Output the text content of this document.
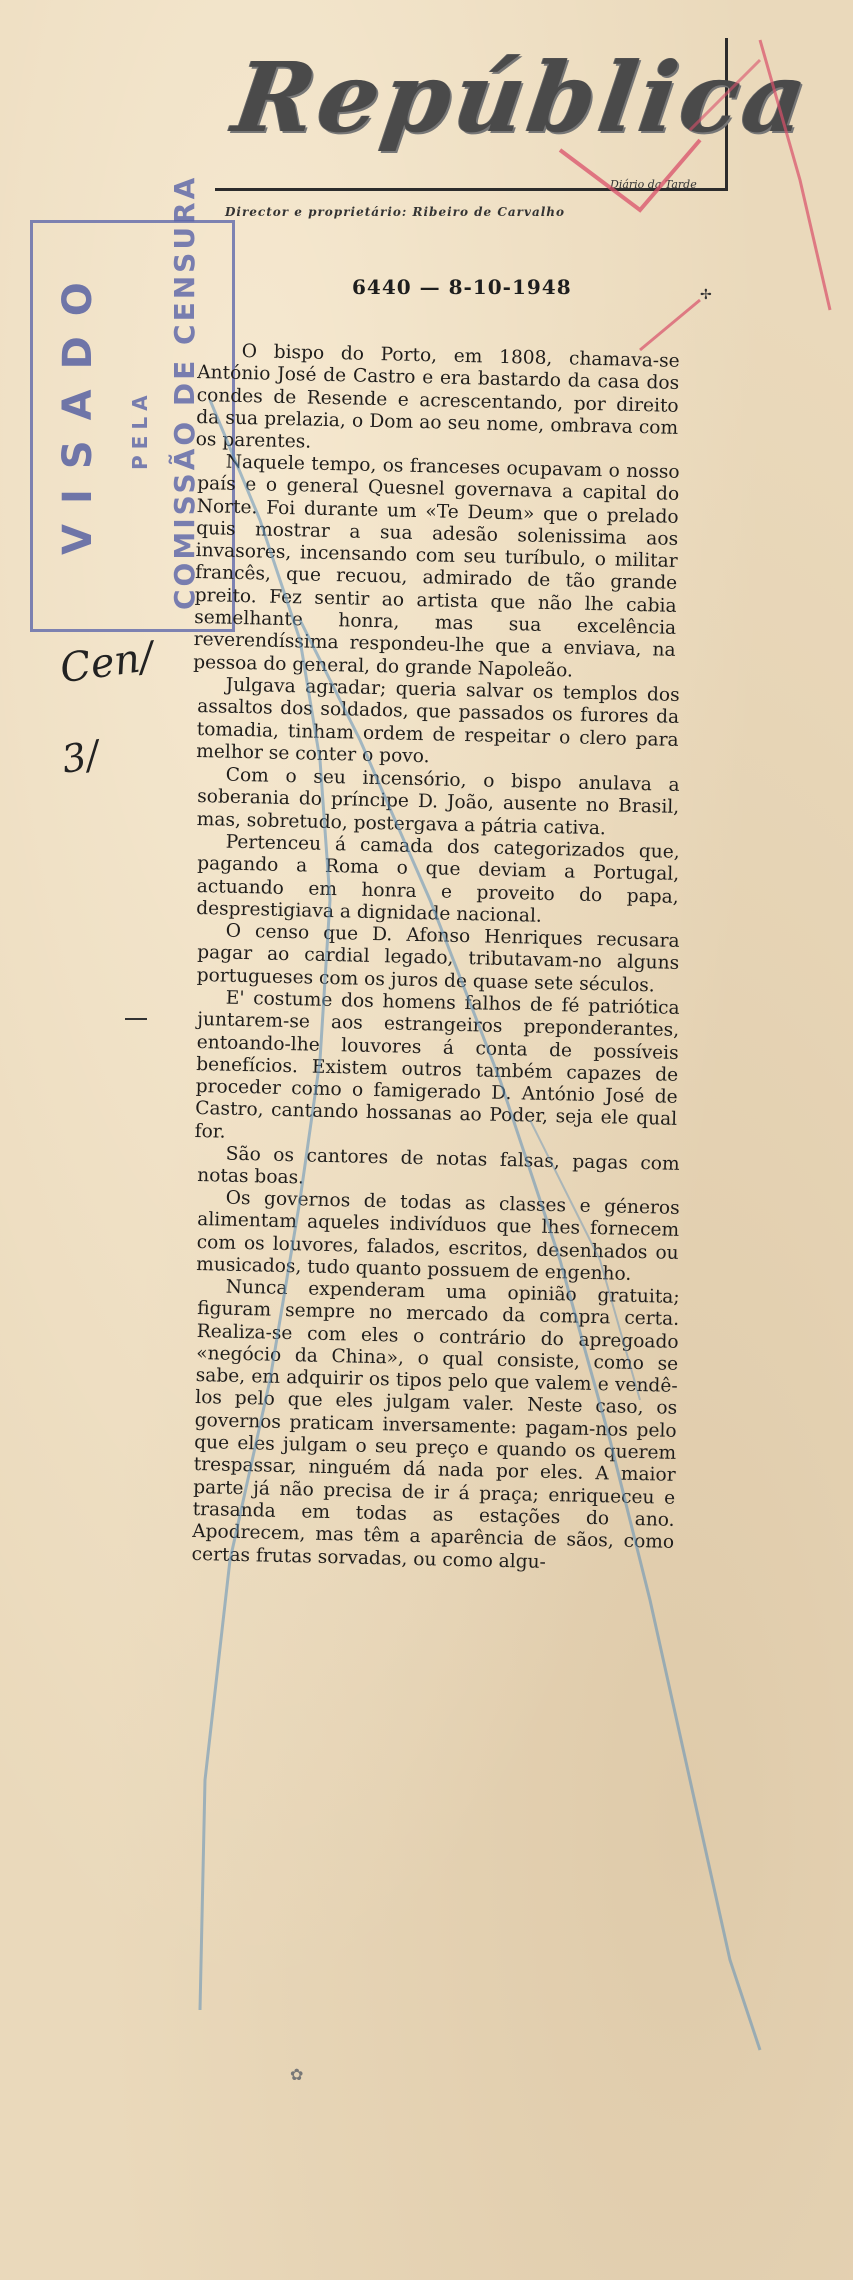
República
Diário da Tarde
Director e proprietário: Ribeiro de Carvalho
6440 — 8-10-1948	✢
VISADO PELA COMISSÃO DE CENSURA
Cen/
3/

O bispo do Porto, em 1808, chamava-se António José de Castro e era bastardo da casa dos condes de Resende e acrescentando, por direito da sua prelazia, o Dom ao seu nome, ombrava com os parentes.

Naquele tempo, os franceses ocupavam o nosso país e o general Quesnel governava a capital do Norte. Foi durante um «Te Deum» que o prelado quis mostrar a sua adesão solenissima aos invasores, incensando com seu turíbulo, o militar francês, que recuou, admirado de tão grande preito. Fez sentir ao artista que não lhe cabia semelhante honra, mas sua excelência reverendíssima respondeu-lhe que a enviava, na pessoa do general, do grande Napoleão.

Julgava agradar; queria salvar os templos dos assaltos dos soldados, que passados os furores da tomadia, tinham ordem de respeitar o clero para melhor se conter o povo.

Com o seu incensório, o bispo anulava a soberania do príncipe D. João, ausente no Brasil, mas, sobretudo, postergava a pátria cativa.

Pertenceu á camada dos categorizados que, pagando a Roma o que deviam a Portugal, actuando em honra e proveito do papa, desprestigiava a dignidade nacional.

O censo que D. Afonso Henriques recusara pagar ao cardial legado, tributavam-no alguns portugueses com os juros de quase sete séculos.

E' costume dos homens falhos de fé patriótica juntarem-se aos estrangeiros preponderantes, entoando-lhe louvores á conta de possíveis benefícios. Existem outros também capazes de proceder como o famigerado D. António José de Castro, cantando hossanas ao Poder, seja ele qual for.

São os cantores de notas falsas, pagas com notas boas.

Os governos de todas as classes e géneros alimentam aqueles indivíduos que lhes fornecem com os louvores, falados, escritos, desenhados ou musicados, tudo quanto possuem de engenho.

Nunca expenderam uma opinião gratuita; figuram sempre no mercado da compra certa. Realiza-se com eles o contrário do apregoado «negócio da China», o qual consiste, como se sabe, em adquirir os tipos pelo que valem e vendê-los pelo que eles julgam valer. Neste caso, os governos praticam inversamente: pagam-nos pelo que eles julgam o seu preço e quando os querem trespassar, ninguém dá nada por eles. A maior parte já não precisa de ir á praça; enriqueceu e trasanda em todas as estações do ano. Apodrecem, mas têm a aparência de sãos, como certas frutas sorvadas, ou como algu-

✿
